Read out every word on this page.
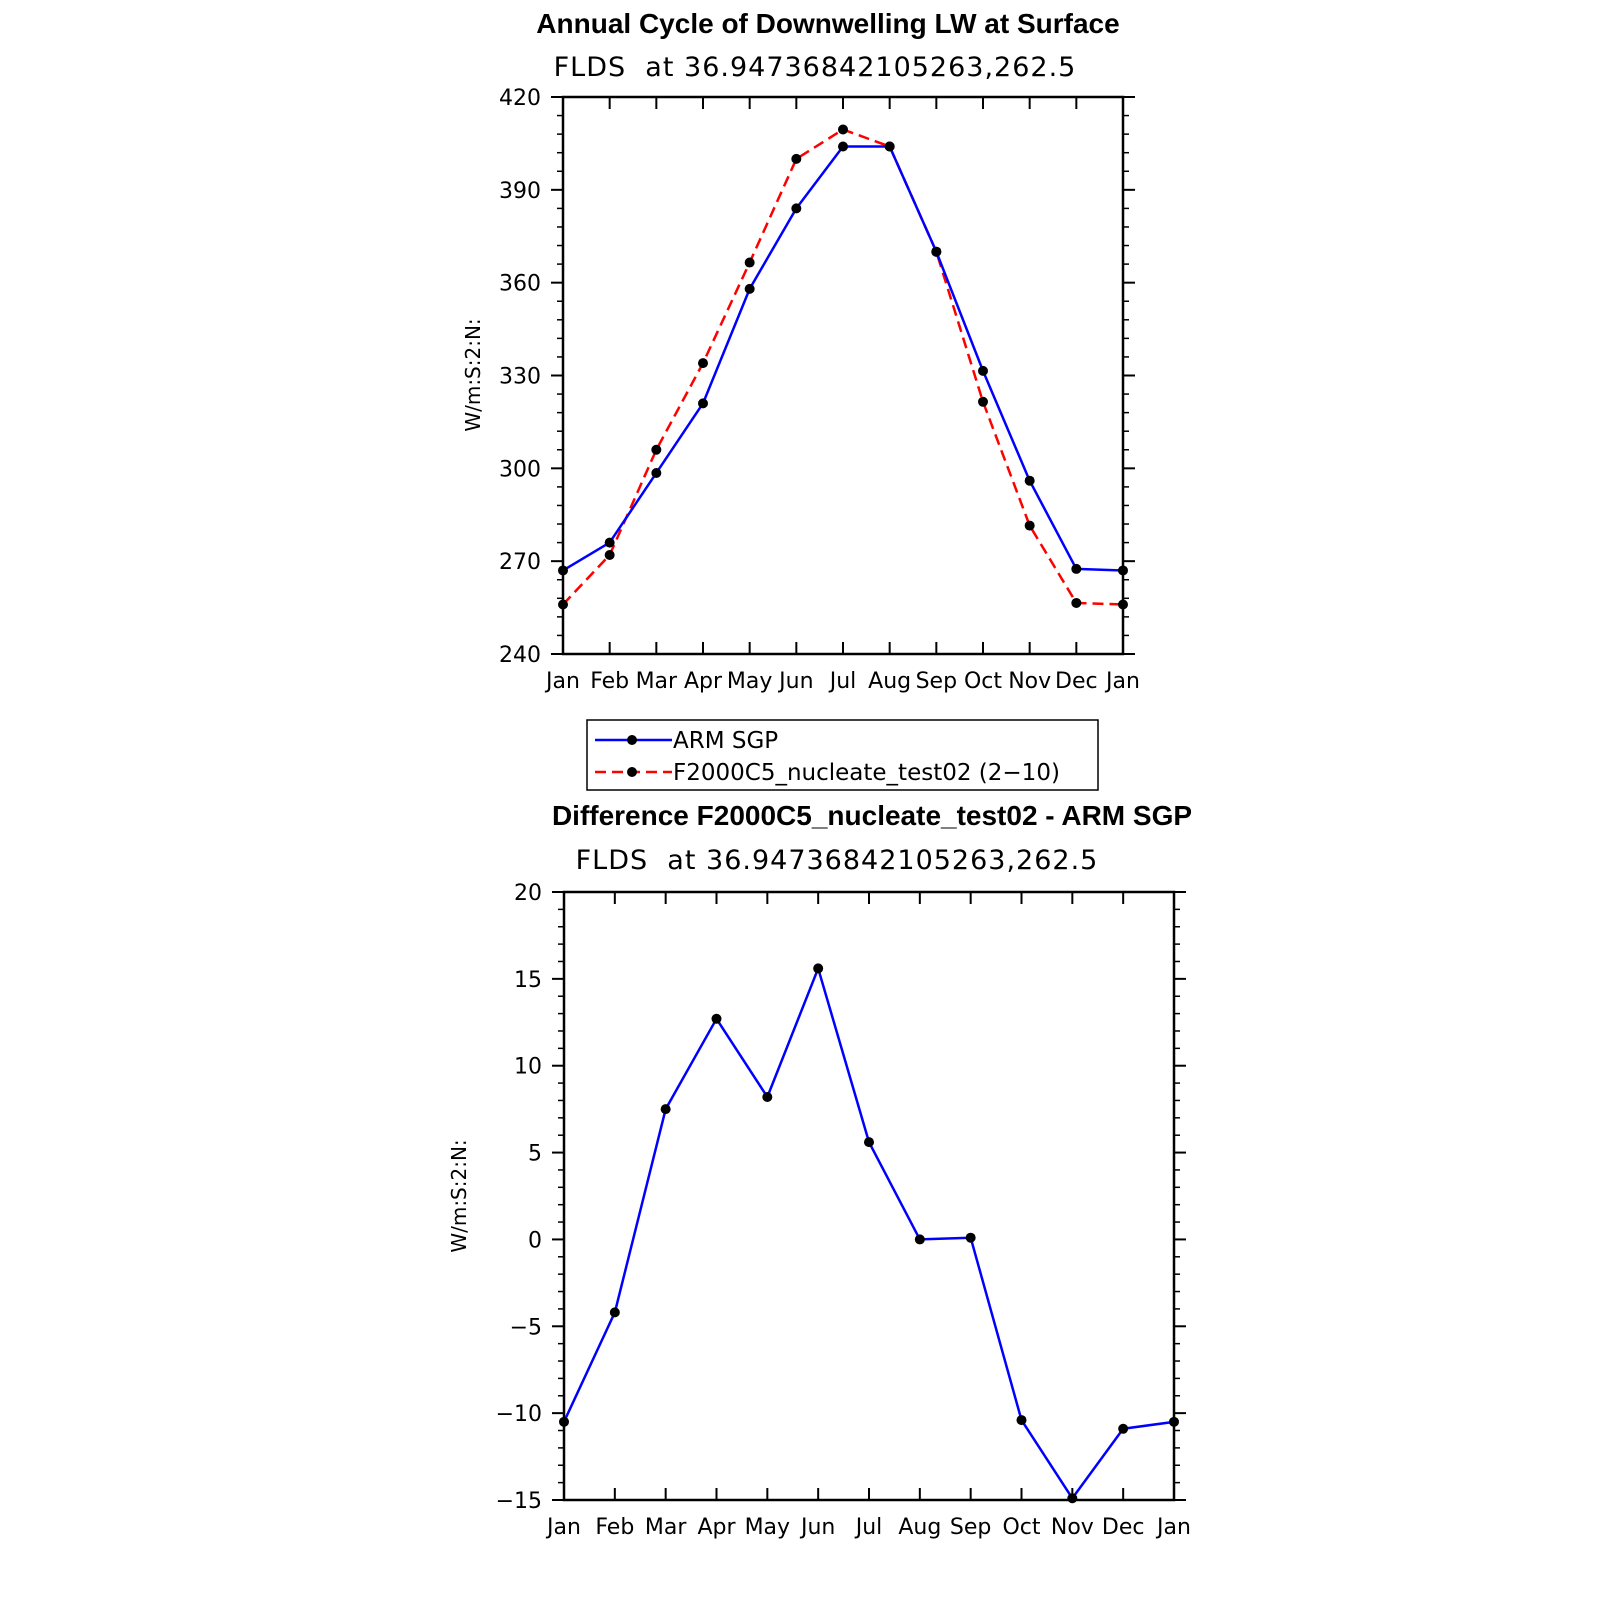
Annual Cycle of Downwelling LW at Surface
FLDS  at 36.94736842105263,262.5
W/m:S:2:N:
Jan Feb Mar Apr May Jun Jul Aug Sep Oct Nov Dec Jan
240
270
300
330
360
390
420
ARM SGP
F2000C5_nucleate_test02 (2−10)
Difference F2000C5_nucleate_test02 - ARM SGP
FLDS  at 36.94736842105263,262.5
W/m:S:2:N:
Jan Feb Mar Apr May Jun Jul Aug Sep Oct Nov Dec Jan
−15
−10
−5
0
5
10
15
20
